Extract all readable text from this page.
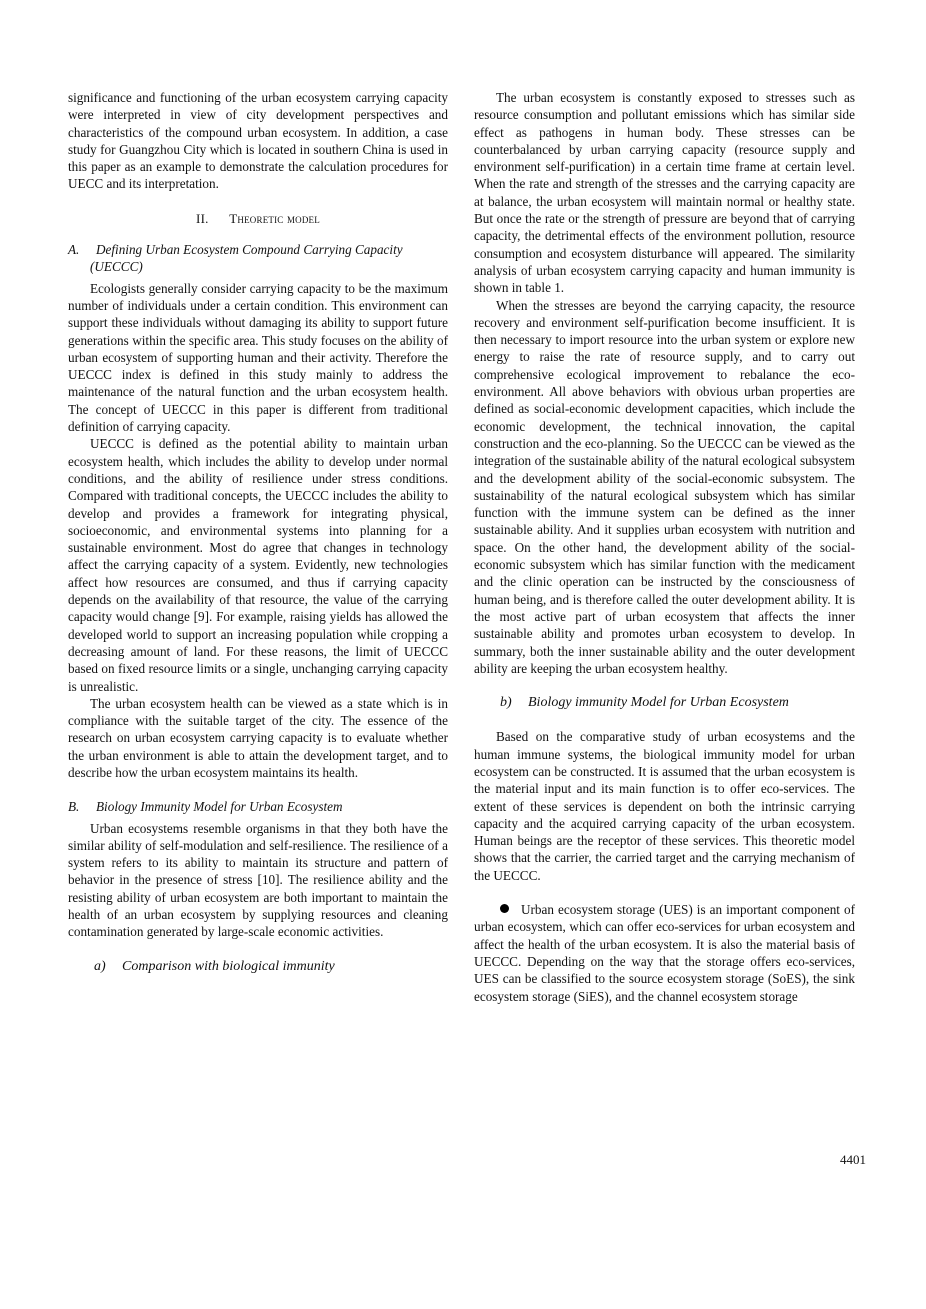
significance and functioning of the urban ecosystem carrying capacity were interpreted in view of city development perspectives and characteristics of the compound urban ecosystem. In addition, a case study for Guangzhou City which is located in southern China is used in this paper as an example to demonstrate the calculation procedures for UECC and its interpretation.

II. Theoretic model

A. Defining Urban Ecosystem Compound Carrying Capacity (UECCC)

Ecologists generally consider carrying capacity to be the maximum number of individuals under a certain condition. This environment can support these individuals without damaging its ability to support future generations within the specific area. This study focuses on the ability of urban ecosystem of supporting human and their activity. Therefore the UECCC index is defined in this study mainly to address the maintenance of the natural function and the urban ecosystem health. The concept of UECCC in this paper is different from traditional definition of carrying capacity.

UECCC is defined as the potential ability to maintain urban ecosystem health, which includes the ability to develop under normal conditions, and the ability of resilience under stress conditions. Compared with traditional concepts, the UECCC includes the ability to develop and provides a framework for integrating physical, socioeconomic, and environmental systems into planning for a sustainable environment. Most do agree that changes in technology affect the carrying capacity of a system. Evidently, new technologies affect how resources are consumed, and thus if carrying capacity depends on the availability of that resource, the value of the carrying capacity would change [9]. For example, raising yields has allowed the developed world to support an increasing population while cropping a decreasing amount of land. For these reasons, the limit of UECCC based on fixed resource limits or a single, unchanging carrying capacity is unrealistic.

The urban ecosystem health can be viewed as a state which is in compliance with the suitable target of the city. The essence of the research on urban ecosystem carrying capacity is to evaluate whether the urban environment is able to attain the development target, and to describe how the urban ecosystem maintains its health.

B. Biology Immunity Model for Urban Ecosystem

Urban ecosystems resemble organisms in that they both have the similar ability of self-modulation and self-resilience. The resilience of a system refers to its ability to maintain its structure and pattern of behavior in the presence of stress [10]. The resilience ability and the resisting ability of urban ecosystem are both important to maintain the health of an urban ecosystem by supplying resources and cleaning contamination generated by large-scale economic activities.

a) Comparison with biological immunity

The urban ecosystem is constantly exposed to stresses such as resource consumption and pollutant emissions which has similar side effect as pathogens in human body. These stresses can be counterbalanced by urban carrying capacity (resource supply and environment self-purification) in a certain time frame at certain level. When the rate and strength of the stresses and the carrying capacity are at balance, the urban ecosystem will maintain normal or healthy state. But once the rate or the strength of pressure are beyond that of carrying capacity, the detrimental effects of the environment pollution, resource consumption and ecosystem disturbance will appeared. The similarity analysis of urban ecosystem carrying capacity and human immunity is shown in table 1.

When the stresses are beyond the carrying capacity, the resource recovery and environment self-purification become insufficient. It is then necessary to import resource into the urban system or explore new energy to raise the rate of resource supply, and to carry out comprehensive ecological improvement to rebalance the eco-environment. All above behaviors with obvious urban properties are defined as social-economic development capacities, which include the economic development, the technical innovation, the capital construction and the eco-planning. So the UECCC can be viewed as the integration of the sustainable ability of the natural ecological subsystem and the development ability of the social-economic subsystem. The sustainability of the natural ecological subsystem which has similar function with the immune system can be defined as the inner sustainable ability. And it supplies urban ecosystem with nutrition and space. On the other hand, the development ability of the social-economic subsystem which has similar function with the medicament and the clinic operation can be instructed by the consciousness of human being, and is therefore called the outer development ability. It is the most active part of urban ecosystem that affects the inner sustainable ability and promotes urban ecosystem to develop. In summary, both the inner sustainable ability and the outer development ability are keeping the urban ecosystem healthy.

b) Biology immunity Model for Urban Ecosystem

Based on the comparative study of urban ecosystems and the human immune systems, the biological immunity model for urban ecosystem can be constructed. It is assumed that the urban ecosystem is the material input and its main function is to offer eco-services. The extent of these services is dependent on both the intrinsic carrying capacity and the acquired carrying capacity of the urban ecosystem. Human beings are the receptor of these services. This theoretic model shows that the carrier, the carried target and the carrying mechanism of the UECCC.

Urban ecosystem storage (UES) is an important component of urban ecosystem, which can offer eco-services for urban ecosystem and affect the health of the urban ecosystem. It is also the material basis of UECCC. Depending on the way that the storage offers eco-services, UES can be classified to the source ecosystem storage (SoES), the sink ecosystem storage (SiES), and the channel ecosystem storage

4401
